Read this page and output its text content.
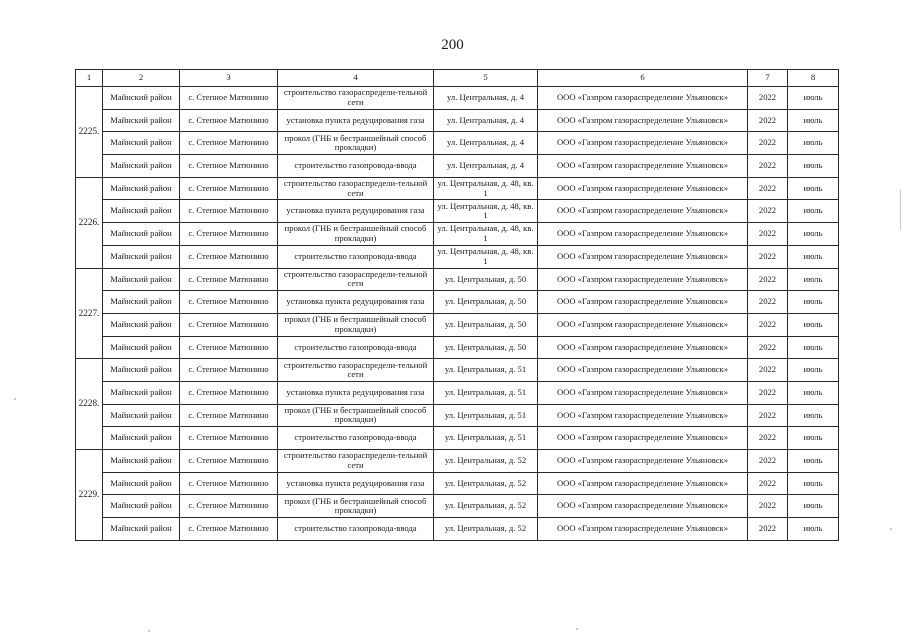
200
1	2	3	4	5	6	7	8
2225.	Майнский район	с. Степное Матюнино	строительство газораспредели-тельной сети	ул. Центральная, д. 4	ООО «Газпром газораспределение Ульяновск»	2022	июль
	Майнский район	с. Степное Матюнино	установка пункта редуцирования газа	ул. Центральная, д. 4	ООО «Газпром газораспределение Ульяновск»	2022	июль
	Майнский район	с. Степное Матюнино	прокол (ГНБ и бестраншейный способ прокладки)	ул. Центральная, д. 4	ООО «Газпром газораспределение Ульяновск»	2022	июль
	Майнский район	с. Степное Матюнино	строительство газопровода-ввода	ул. Центральная, д. 4	ООО «Газпром газораспределение Ульяновск»	2022	июль
2226.	Майнский район	с. Степное Матюнино	строительство газораспредели-тельной сети	ул. Центральная, д. 48, кв. 1	ООО «Газпром газораспределение Ульяновск»	2022	июль
	Майнский район	с. Степное Матюнино	установка пункта редуцирования газа	ул. Центральная, д. 48, кв. 1	ООО «Газпром газораспределение Ульяновск»	2022	июль
	Майнский район	с. Степное Матюнино	прокол (ГНБ и бестраншейный способ прокладки)	ул. Центральная, д. 48, кв. 1	ООО «Газпром газораспределение Ульяновск»	2022	июль
	Майнский район	с. Степное Матюнино	строительство газопровода-ввода	ул. Центральная, д. 48, кв. 1	ООО «Газпром газораспределение Ульяновск»	2022	июль
2227.	Майнский район	с. Степное Матюнино	строительство газораспредели-тельной сети	ул. Центральная, д. 50	ООО «Газпром газораспределение Ульяновск»	2022	июль
	Майнский район	с. Степное Матюнино	установка пункта редуцирования газа	ул. Центральная, д. 50	ООО «Газпром газораспределение Ульяновск»	2022	июль
	Майнский район	с. Степное Матюнино	прокол (ГНБ и бестраншейный способ прокладки)	ул. Центральная, д. 50	ООО «Газпром газораспределение Ульяновск»	2022	июль
	Майнский район	с. Степное Матюнино	строительство газопровода-ввода	ул. Центральная, д. 50	ООО «Газпром газораспределение Ульяновск»	2022	июль
2228.	Майнский район	с. Степное Матюнино	строительство газораспредели-тельной сети	ул. Центральная, д. 51	ООО «Газпром газораспределение Ульяновск»	2022	июль
	Майнский район	с. Степное Матюнино	установка пункта редуцирования газа	ул. Центральная, д. 51	ООО «Газпром газораспределение Ульяновск»	2022	июль
	Майнский район	с. Степное Матюнино	прокол (ГНБ и бестраншейный способ прокладки)	ул. Центральная, д. 51	ООО «Газпром газораспределение Ульяновск»	2022	июль
	Майнский район	с. Степное Матюнино	строительство газопровода-ввода	ул. Центральная, д. 51	ООО «Газпром газораспределение Ульяновск»	2022	июль
2229.	Майнский район	с. Степное Матюнино	строительство газораспредели-тельной сети	ул. Центральная, д. 52	ООО «Газпром газораспределение Ульяновск»	2022	июль
	Майнский район	с. Степное Матюнино	установка пункта редуцирования газа	ул. Центральная, д. 52	ООО «Газпром газораспределение Ульяновск»	2022	июль
	Майнский район	с. Степное Матюнино	прокол (ГНБ и бестраншейный способ прокладки)	ул. Центральная, д. 52	ООО «Газпром газораспределение Ульяновск»	2022	июль
	Майнский район	с. Степное Матюнино	строительство газопровода-ввода	ул. Центральная, д. 52	ООО «Газпром газораспределение Ульяновск»	2022	июль
